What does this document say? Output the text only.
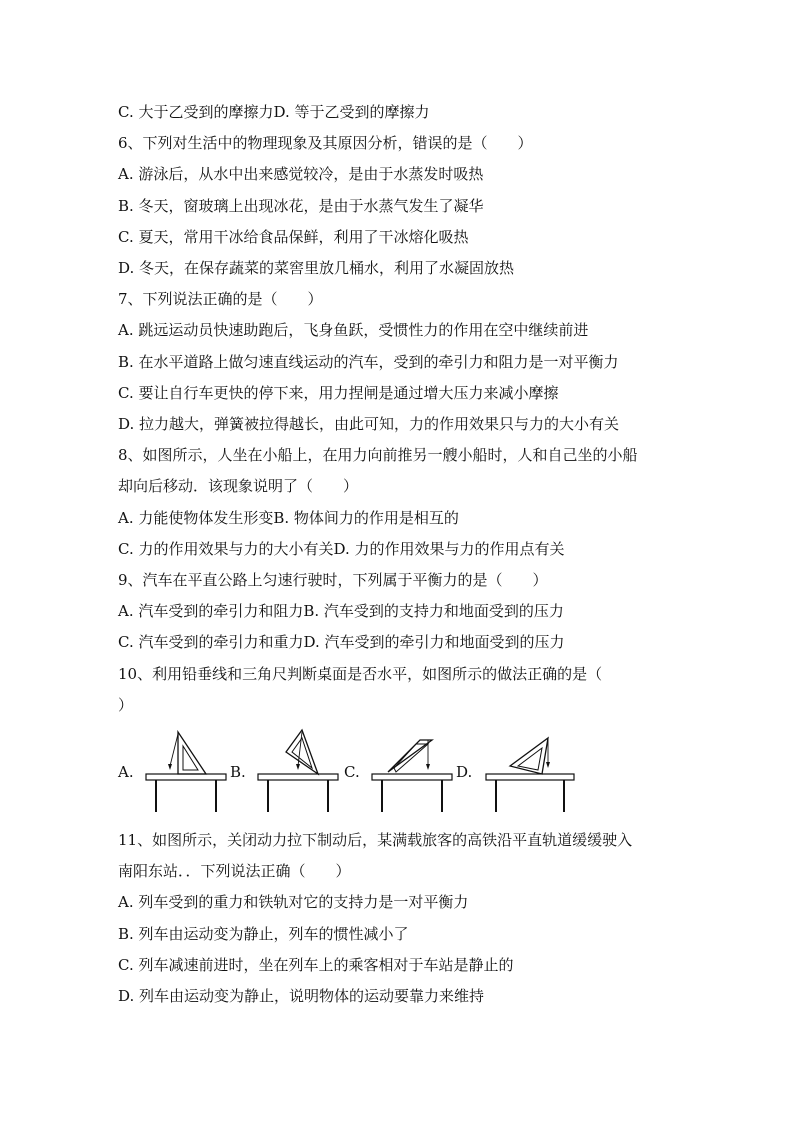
C. 大于乙受到的摩擦力D. 等于乙受到的摩擦力
6、下列对生活中的物理现象及其原因分析，错误的是（　　）
A. 游泳后，从水中出来感觉较冷，是由于水蒸发时吸热
B. 冬天，窗玻璃上出现冰花，是由于水蒸气发生了凝华
C. 夏天，常用干冰给食品保鲜，利用了干冰熔化吸热
D. 冬天，在保存蔬菜的菜窖里放几桶水，利用了水凝固放热
7、下列说法正确的是（　　）
A. 跳远运动员快速助跑后，飞身鱼跃，受惯性力的作用在空中继续前进
B. 在水平道路上做匀速直线运动的汽车，受到的牵引力和阻力是一对平衡力
C. 要让自行车更快的停下来，用力捏闸是通过增大压力来减小摩擦
D. 拉力越大，弹簧被拉得越长，由此可知，力的作用效果只与力的大小有关
8、如图所示，人坐在小船上，在用力向前推另一艘小船时，人和自己坐的小船
却向后移动．该现象说明了（　　）
A. 力能使物体发生形变B. 物体间力的作用是相互的
C. 力的作用效果与力的大小有关D. 力的作用效果与力的作用点有关
9、汽车在平直公路上匀速行驶时，下列属于平衡力的是（　　）
A. 汽车受到的牵引力和阻力B. 汽车受到的支持力和地面受到的压力
C. 汽车受到的牵引力和重力D. 汽车受到的牵引力和地面受到的压力
10、利用铅垂线和三角尺判断桌面是否水平，如图所示的做法正确的是（
）
A.	B.	C.	D.
11、如图所示，关闭动力拉下制动后，某满载旅客的高铁沿平直轨道缓缓驶入
南阳东站．．下列说法正确（　　）
A. 列车受到的重力和铁轨对它的支持力是一对平衡力
B. 列车由运动变为静止，列车的惯性减小了
C. 列车减速前进时，坐在列车上的乘客相对于车站是静止的
D. 列车由运动变为静止，说明物体的运动要靠力来维持
